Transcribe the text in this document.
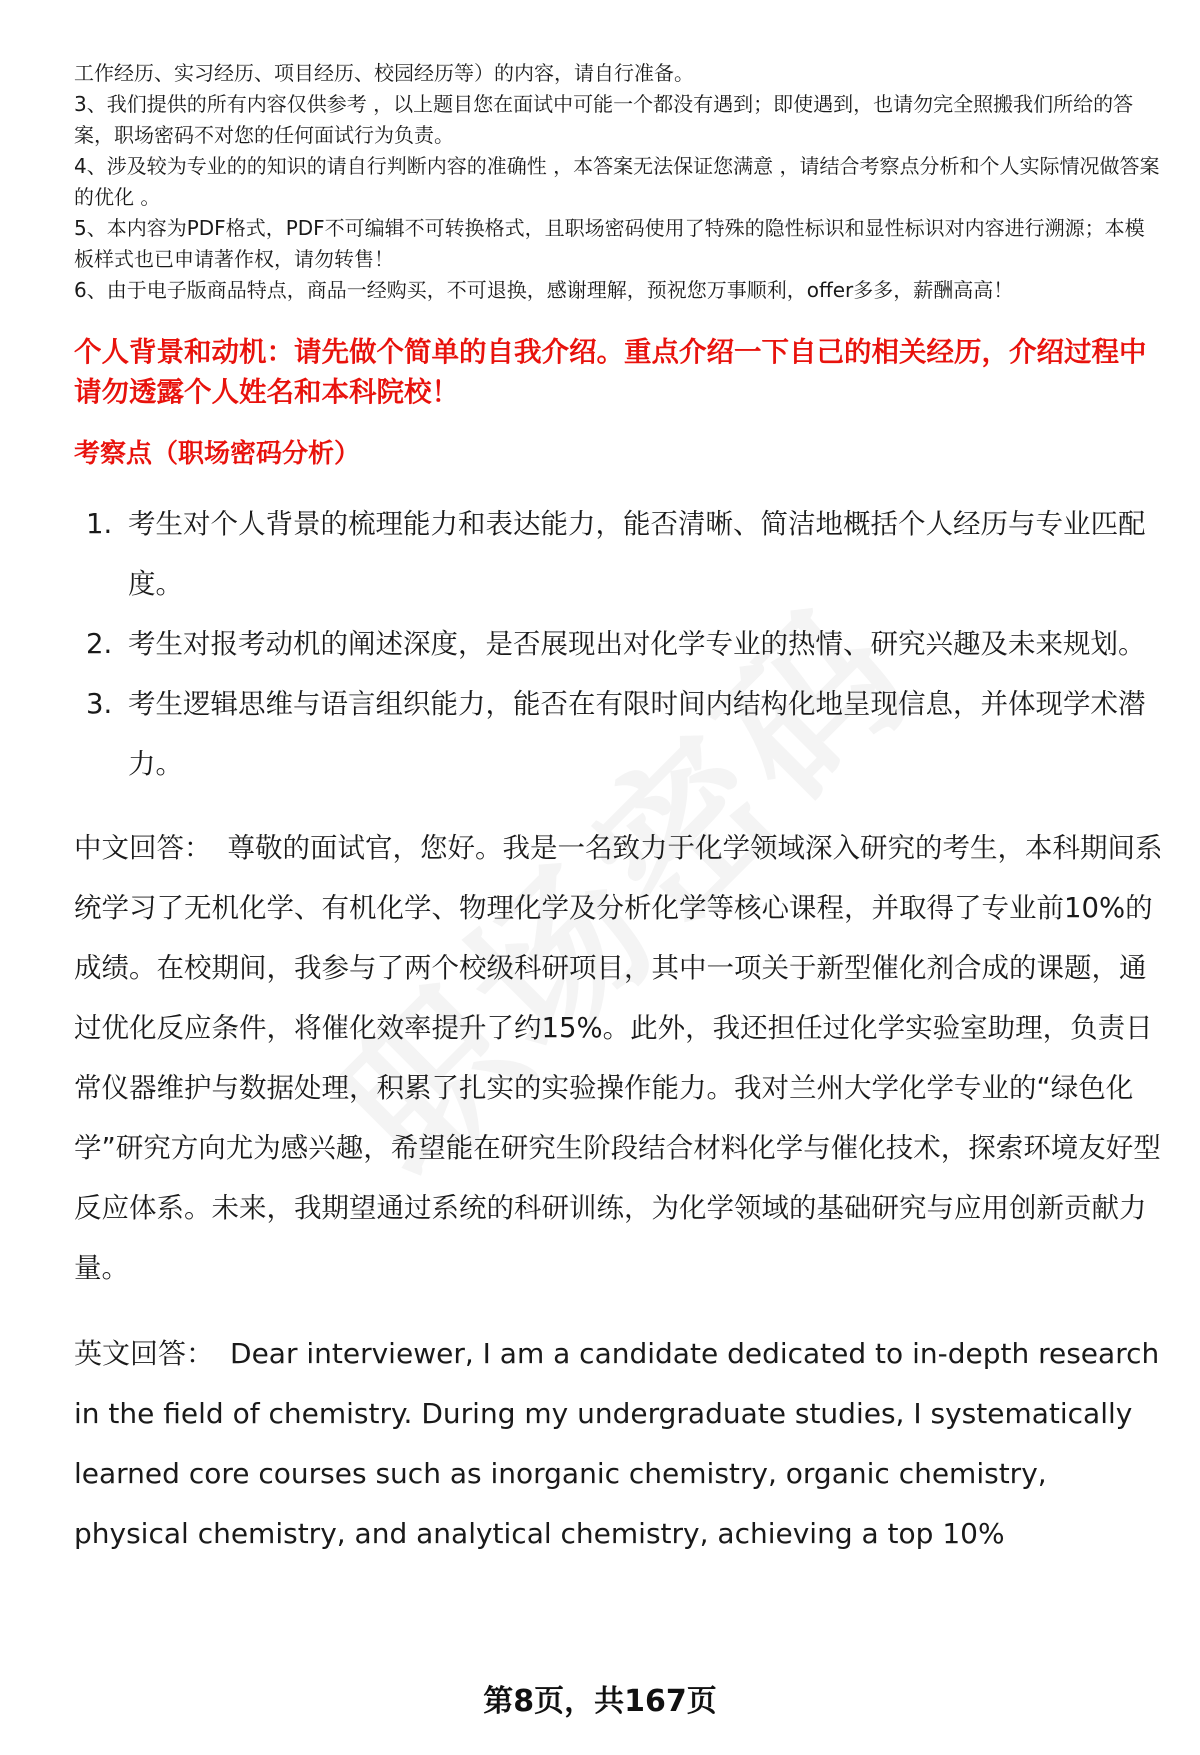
工作经历、实习经历、项目经历、校园经历等）的内容，请自行准备。

3、我们提供的所有内容仅供参考 ，以上题目您在面试中可能一个都没有遇到；即使遇到，也请勿完全照搬我们所给的答案，职场密码不对您的任何面试行为负责。

4、涉及较为专业的的知识的请自行判断内容的准确性 ，本答案无法保证您满意 ，请结合考察点分析和个人实际情况做答案的优化 。

5、本内容为PDF格式，PDF不可编辑不可转换格式，且职场密码使用了特殊的隐性标识和显性标识对内容进行溯源；本模板样式也已申请著作权，请勿转售！

6、由于电子版商品特点，商品一经购买，不可退换，感谢理解，预祝您万事顺利，offer多多，薪酬高高！

个人背景和动机：请先做个简单的自我介绍。重点介绍一下自己的相关经历，介绍过程中请勿透露个人姓名和本科院校！
考察点（职场密码分析）
1. 考生对个人背景的梳理能力和表达能力，能否清晰、简洁地概括个人经历与专业匹配度。
2. 考生对报考动机的阐述深度，是否展现出对化学专业的热情、研究兴趣及未来规划。
3. 考生逻辑思维与语言组织能力，能否在有限时间内结构化地呈现信息，并体现学术潜力。

中文回答： 尊敬的面试官，您好。我是一名致力于化学领域深入研究的考生，本科期间系统学习了无机化学、有机化学、物理化学及分析化学等核心课程，并取得了专业前10%的成绩。在校期间，我参与了两个校级科研项目，其中一项关于新型催化剂合成的课题，通过优化反应条件，将催化效率提升了约15%。此外，我还担任过化学实验室助理，负责日常仪器维护与数据处理，积累了扎实的实验操作能力。我对兰州大学化学专业的“绿色化学”研究方向尤为感兴趣，希望能在研究生阶段结合材料化学与催化技术，探索环境友好型反应体系。未来，我期望通过系统的科研训练，为化学领域的基础研究与应用创新贡献力量。

英文回答： Dear interviewer, I am a candidate dedicated to in-depth research in the field of chemistry. During my undergraduate studies, I systematically learned core courses such as inorganic chemistry, organic chemistry, physical chemistry, and analytical chemistry, achieving a top 10%

第8页，共167页
